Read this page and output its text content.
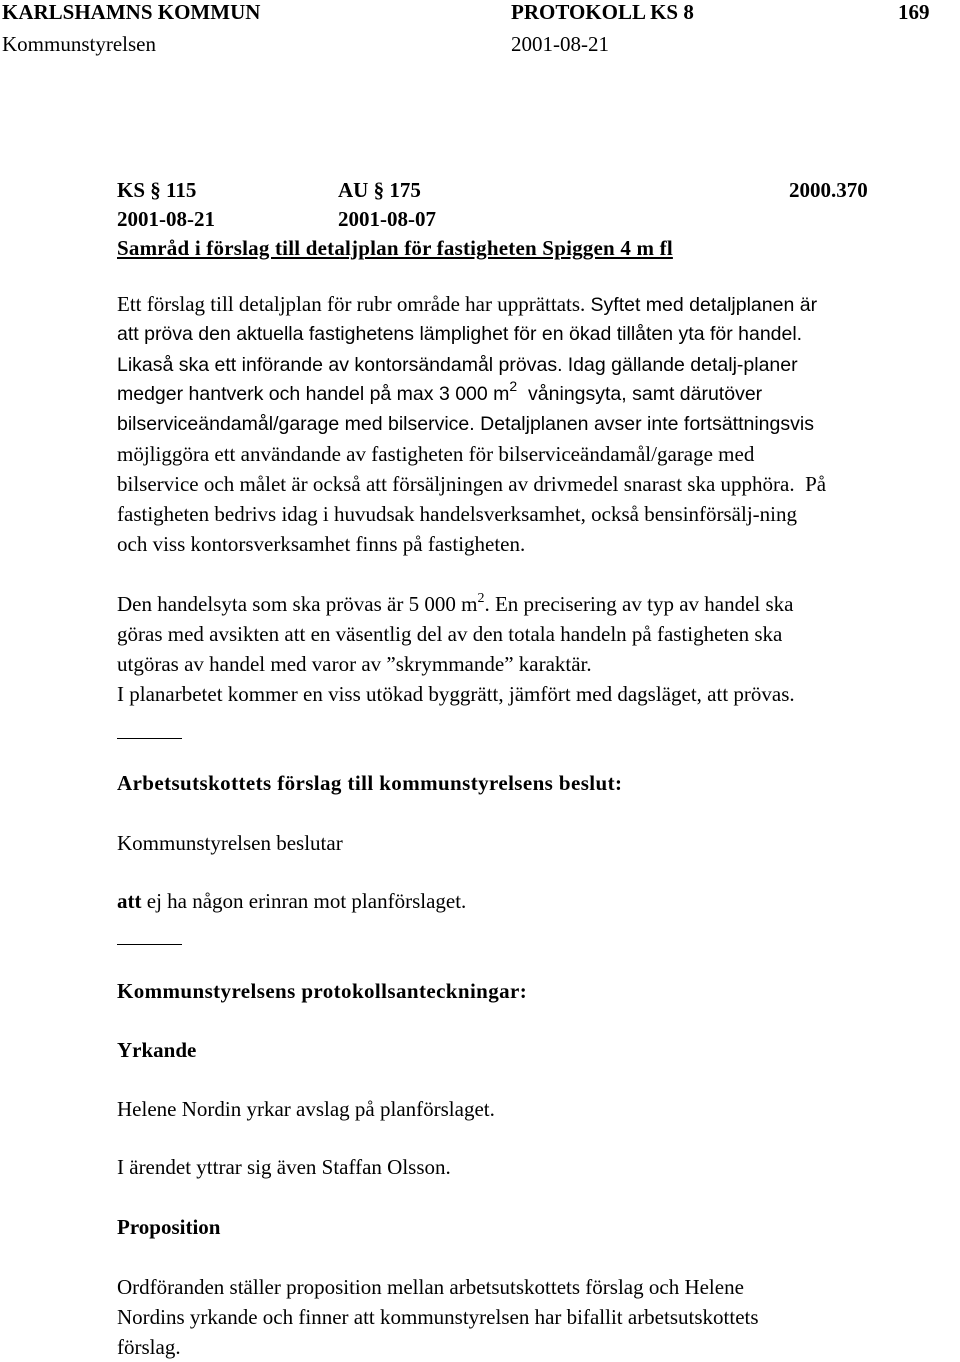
KARLSHAMNS KOMMUN	PROTOKOLL KS 8	169
Kommunstyrelsen	2001-08-21
KS § 115	AU § 175	2000.370
2001-08-21	2001-08-07
Samråd i förslag till detaljplan för fastigheten Spiggen 4 m fl
Ett förslag till detaljplan för rubr område har upprättats. Syftet med detaljplanen är
att pröva den aktuella fastighetens lämplighet för en ökad tillåten yta för handel.
Likaså ska ett införande av kontorsändamål prövas. Idag gällande detalj-planer
medger hantverk och handel på max 3 000 $m^2$ våningsyta, samt därutöver
bilserviceändamål/garage med bilservice. Detaljplanen avser inte fortsättningsvis
möjliggöra ett användande av fastigheten för bilserviceändamål/garage med
bilservice och målet är också att försäljningen av drivmedel snarast ska upphöra. På
fastigheten bedrivs idag i huvudsak handelsverksamhet, också bensinförsälj-ning
och viss kontorsverksamhet finns på fastigheten.
Den handelsyta som ska prövas är 5 000 $m^2$. En precisering av typ av handel ska
göras med avsikten att en väsentlig del av den totala handeln på fastigheten ska
utgöras av handel med varor av ”skrymmande” karaktär.
I planarbetet kommer en viss utökad byggrätt, jämfört med dagsläget, att prövas.
Arbetsutskottets förslag till kommunstyrelsens beslut:
Kommunstyrelsen beslutar
att ej ha någon erinran mot planförslaget.
Kommunstyrelsens protokollsanteckningar:
Yrkande
Helene Nordin yrkar avslag på planförslaget.
I ärendet yttrar sig även Staffan Olsson.
Proposition
Ordföranden ställer proposition mellan arbetsutskottets förslag och Helene
Nordins yrkande och finner att kommunstyrelsen har bifallit arbetsutskottets
förslag.
